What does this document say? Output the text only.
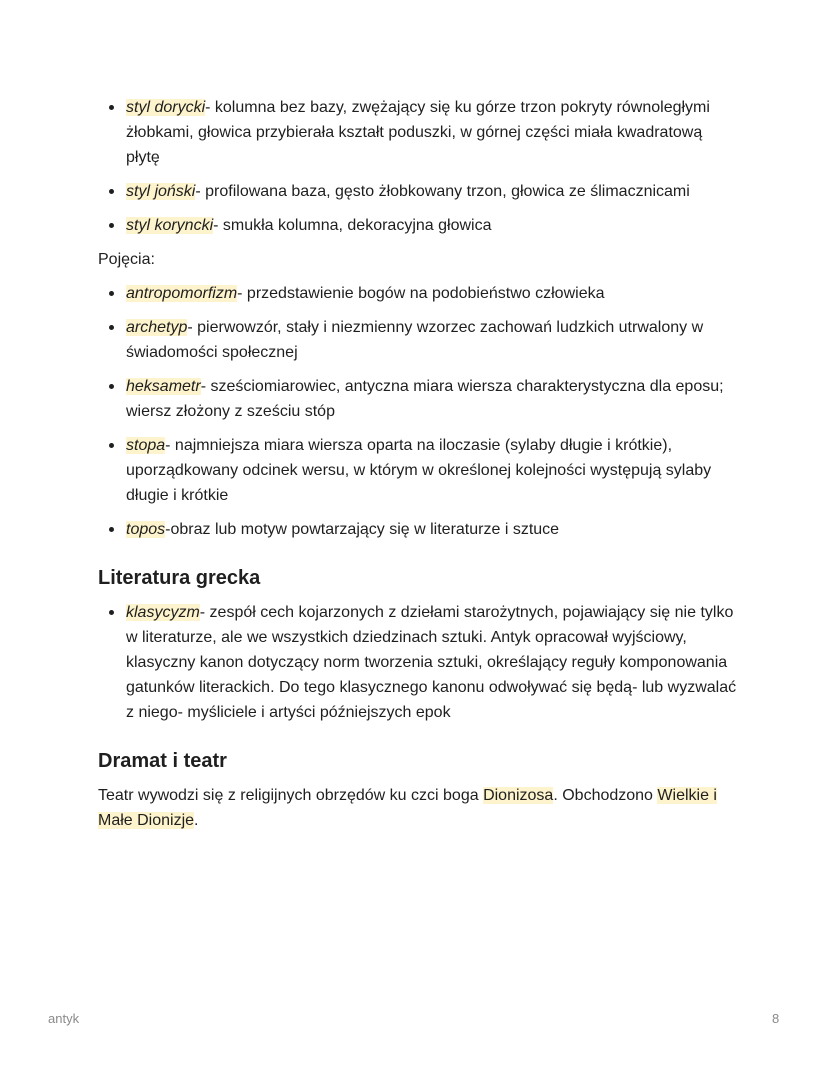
styl dorycki- kolumna bez bazy, zwężający się ku górze trzon pokryty równoległymi żłobkami, głowica przybierała kształt poduszki, w górnej części miała kwadratową płytę
styl joński- profilowana baza, gęsto żłobkowany trzon, głowica ze ślimacznicami
styl koryncki- smukła kolumna, dekoracyjna głowica

Pojęcia:

antropomorfizm- przedstawienie bogów na podobieństwo człowieka
archetyp- pierwowzór, stały i niezmienny wzorzec zachowań ludzkich utrwalony w świadomości społecznej
heksametr- sześciomiarowiec, antyczna miara wiersza charakterystyczna dla eposu; wiersz złożony z sześciu stóp
stopa- najmniejsza miara wiersza oparta na iloczasie (sylaby długie i krótkie), uporządkowany odcinek wersu, w którym w określonej kolejności występują sylaby długie i krótkie
topos-obraz lub motyw powtarzający się w literaturze i sztuce
Literatura grecka
klasycyzm- zespół cech kojarzonych z dziełami starożytnych, pojawiający się nie tylko w literaturze, ale we wszystkich dziedzinach sztuki. Antyk opracował wyjściowy, klasyczny kanon dotyczący norm tworzenia sztuki, określający reguły komponowania gatunków literackich. Do tego klasycznego kanonu odwoływać się będą- lub wyzwalać z niego- myśliciele i artyści późniejszych epok
Dramat i teatr

Teatr wywodzi się z religijnych obrzędów ku czci boga Dionizosa. Obchodzono Wielkie i Małe Dionizje.

antyk	8
